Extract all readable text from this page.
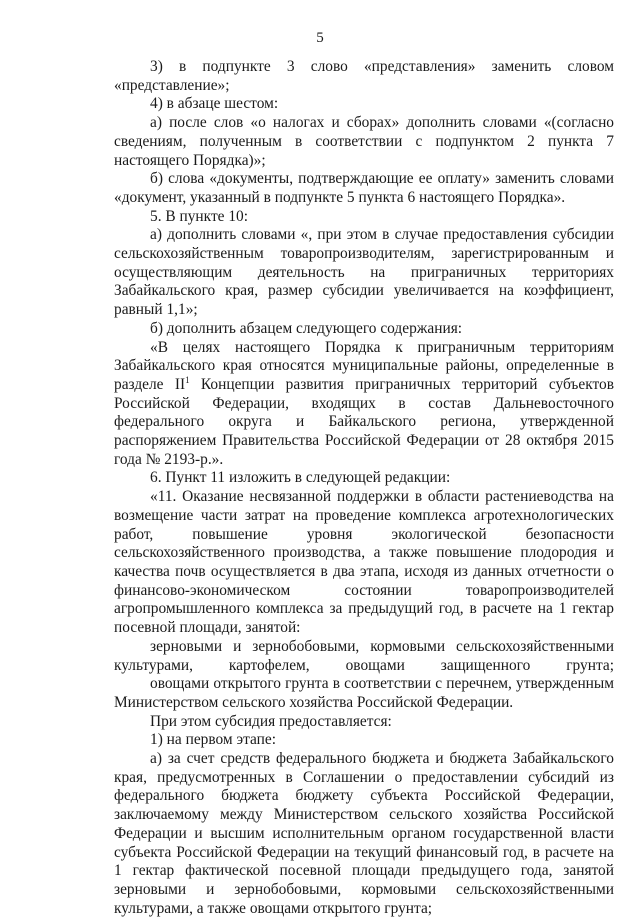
5

3) в подпункте 3 слово «представления» заменить словом «представление»;

4) в абзаце шестом:

а) после слов «о налогах и сборах» дополнить словами «(согласно сведениям, полученным в соответствии с подпунктом 2 пункта 7 настоящего Порядка)»;

б) слова «документы, подтверждающие ее оплату» заменить словами «документ, указанный в подпункте 5 пункта 6 настоящего Порядка».

5. В пункте 10:

а) дополнить словами «, при этом в случае предоставления субсидии сельскохозяйственным товаропроизводителям, зарегистрированным и осуществляющим деятельность на приграничных территориях Забайкальского края, размер субсидии увеличивается на коэффициент, равный 1,1»;

б) дополнить абзацем следующего содержания:

«В целях настоящего Порядка к приграничным территориям Забайкальского края относятся муниципальные районы, определенные в разделе $II^1$ Концепции развития приграничных территорий субъектов Российской Федерации, входящих в состав Дальневосточного федерального округа и Байкальского региона, утвержденной распоряжением Правительства Российской Федерации от 28 октября 2015 года № 2193-р.».

6. Пункт 11 изложить в следующей редакции:

«11. Оказание несвязанной поддержки в области растениеводства на возмещение части затрат на проведение комплекса агротехнологических работ, повышение уровня экологической безопасности сельскохозяйственного производства, а также повышение плодородия и качества почв осуществляется в два этапа, исходя из данных отчетности о финансово-экономическом состоянии товаропроизводителей агропромышленного комплекса за предыдущий год, в расчете на 1 гектар посевной площади, занятой:

зерновыми и зернобобовыми, кормовыми сельскохозяйственными культурами, картофелем, овощами защищенного грунта;

овощами открытого грунта в соответствии с перечнем, утвержденным Министерством сельского хозяйства Российской Федерации.

При этом субсидия предоставляется:

1) на первом этапе:

а) за счет средств федерального бюджета и бюджета Забайкальского края, предусмотренных в Соглашении о предоставлении субсидий из федерального бюджета бюджету субъекта Российской Федерации, заключаемому между Министерством сельского хозяйства Российской Федерации и высшим исполнительным органом государственной власти субъекта Российской Федерации на текущий финансовый год, в расчете на 1 гектар фактической посевной площади предыдущего года, занятой зерновыми и зернобобовыми, кормовыми сельскохозяйственными культурами, а также овощами открытого грунта;
